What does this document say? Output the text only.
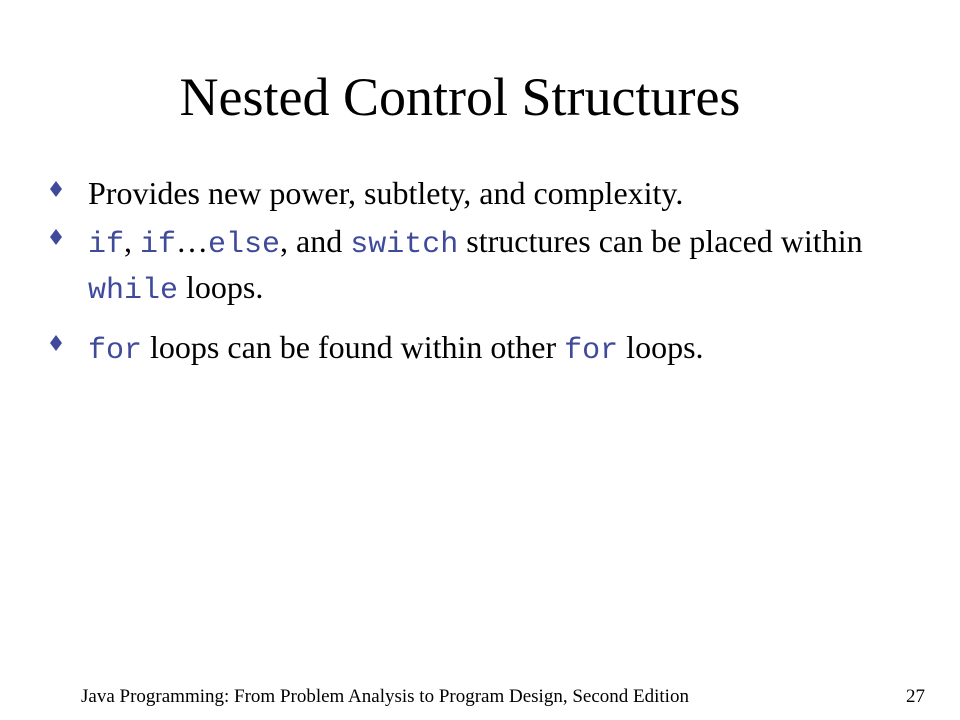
Nested Control Structures
Provides new power, subtlety, and complexity.
if, if…else, and switch structures can be placed within while loops.
for loops can be found within other for loops.
Java Programming: From Problem Analysis to Program Design, Second Edition	27
